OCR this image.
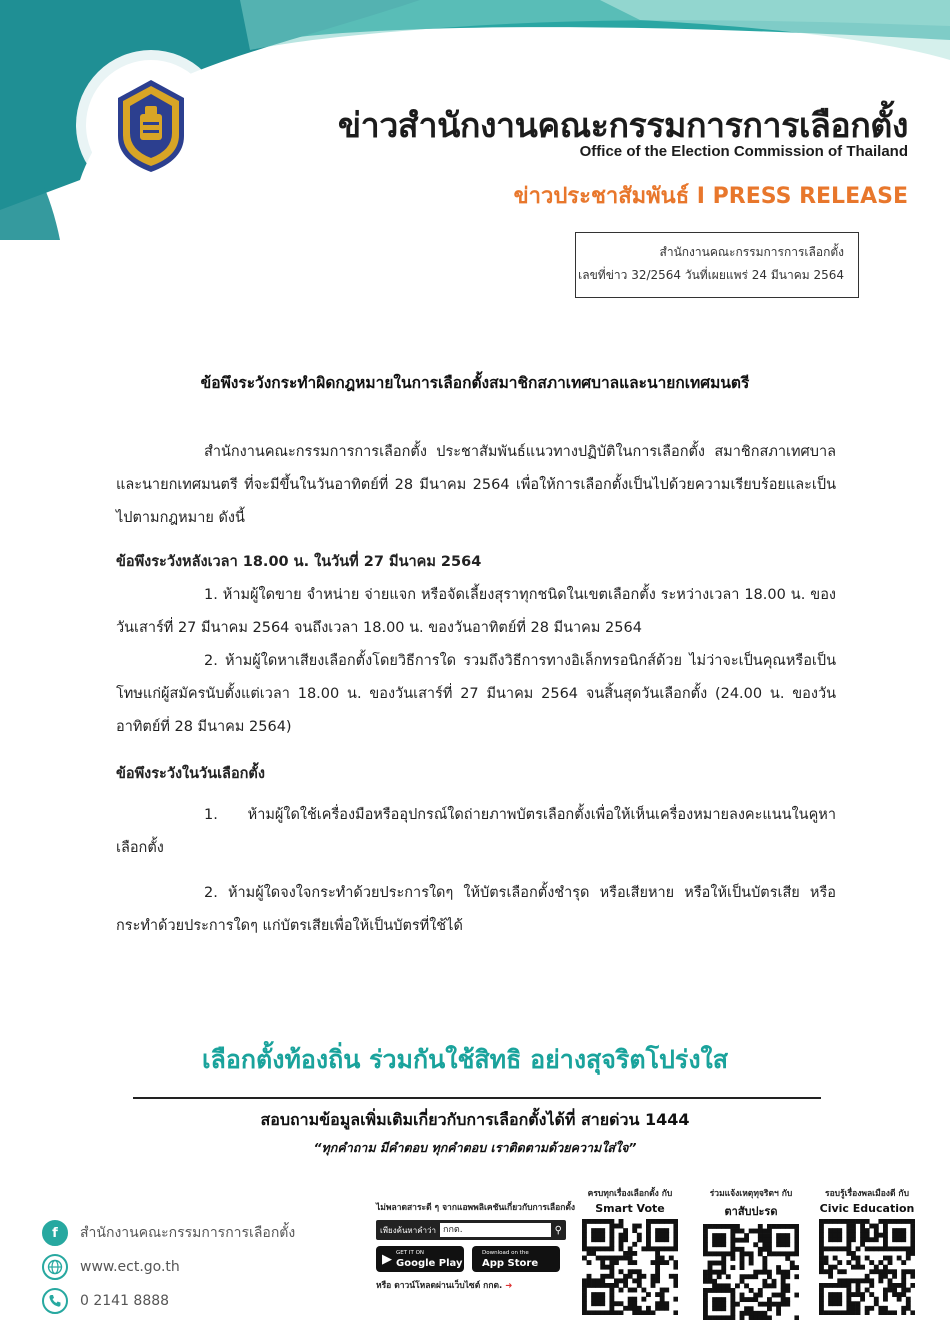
ข่าวสำนักงานคณะกรรมการการเลือกตั้ง
Office of the Election Commission of Thailand
ข่าวประชาสัมพันธ์ I PRESS RELEASE
สำนักงานคณะกรรมการการเลือกตั้ง
เลขที่ข่าว 32/2564 วันที่เผยแพร่ 24 มีนาคม 2564
ข้อพึงระวังกระทำผิดกฎหมายในการเลือกตั้งสมาชิกสภาเทศบาลและนายกเทศมนตรี

สำนักงานคณะกรรมการการเลือกตั้ง ประชาสัมพันธ์แนวทางปฏิบัติในการเลือกตั้ง สมาชิกสภาเทศบาลและนายกเทศมนตรี ที่จะมีขึ้นในวันอาทิตย์ที่ 28 มีนาคม 2564 เพื่อให้การเลือกตั้งเป็นไปด้วยความเรียบร้อยและเป็นไปตามกฎหมาย ดังนี้

ข้อพึงระวังหลังเวลา 18.00 น. ในวันที่ 27 มีนาคม 2564

1. ห้ามผู้ใดขาย จำหน่าย จ่ายแจก หรือจัดเลี้ยงสุราทุกชนิดในเขตเลือกตั้ง ระหว่างเวลา 18.00 น. ของวันเสาร์ที่ 27 มีนาคม 2564 จนถึงเวลา 18.00 น. ของวันอาทิตย์ที่ 28 มีนาคม 2564

2. ห้ามผู้ใดหาเสียงเลือกตั้งโดยวิธีการใด รวมถึงวิธีการทางอิเล็กทรอนิกส์ด้วย ไม่ว่าจะเป็นคุณหรือเป็นโทษแก่ผู้สมัครนับตั้งแต่เวลา 18.00 น. ของวันเสาร์ที่ 27 มีนาคม 2564 จนสิ้นสุดวันเลือกตั้ง (24.00 น. ของวันอาทิตย์ที่ 28 มีนาคม 2564)

ข้อพึงระวังในวันเลือกตั้ง

1. ห้ามผู้ใดใช้เครื่องมือหรืออุปกรณ์ใดถ่ายภาพบัตรเลือกตั้งเพื่อให้เห็นเครื่องหมายลงคะแนนในคูหาเลือกตั้ง

2. ห้ามผู้ใดจงใจกระทำด้วยประการใดๆ ให้บัตรเลือกตั้งชำรุด หรือเสียหาย หรือให้เป็นบัตรเสีย หรือกระทำด้วยประการใดๆ แก่บัตรเสียเพื่อให้เป็นบัตรที่ใช้ได้

เลือกตั้งท้องถิ่น ร่วมกันใช้สิทธิ อย่างสุจริตโปร่งใส
สอบถามข้อมูลเพิ่มเติมเกี่ยวกับการเลือกตั้งได้ที่ สายด่วน 1444
“ทุกคำถาม มีคำตอบ ทุกคำตอบ เราติดตามด้วยความใส่ใจ”
f	สำนักงานคณะกรรมการการเลือกตั้ง
www.ect.go.th
0 2141 8888
ไม่พลาดสาระดี ๆ จากแอพพลิเคชันเกี่ยวกับการเลือกตั้ง
เพียงค้นหาคำว่า กกต.	⚲
▶ GET IT ON
Google Play
Download on the
App Store
หรือ ดาวน์โหลดผ่านเว็บไซต์ กกต. ➜
ครบทุกเรื่องเลือกตั้ง กับ
Smart Vote
ร่วมแจ้งเหตุทุจริตฯ กับ
ตาสับปะรด
รอบรู้เรื่องพลเมืองดี กับ
Civic Education
